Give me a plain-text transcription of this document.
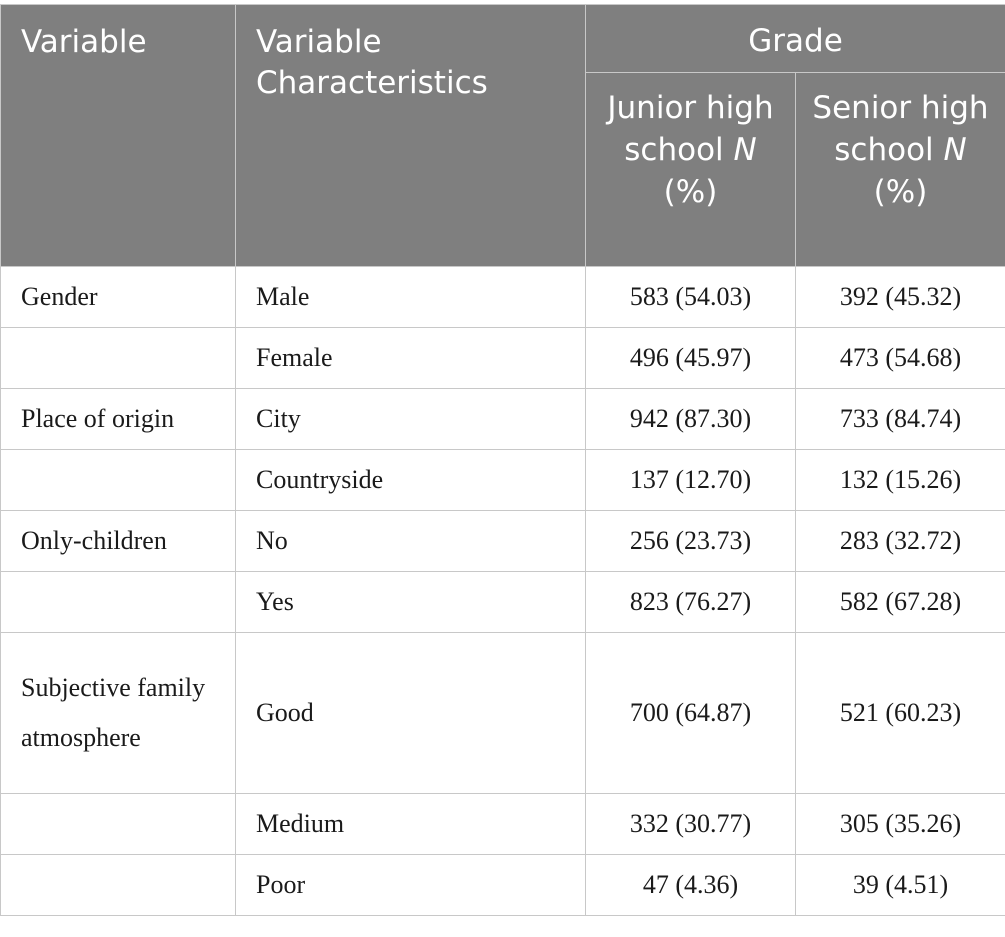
Variable	Variable Characteristics	Grade	
		Junior high school N (%)	Senior high school N (%)
Gender	Male	583 (54.03)	392 (45.32)
	Female	496 (45.97)	473 (54.68)
Place of origin	City	942 (87.30)	733 (84.74)
	Countryside	137 (12.70)	132 (15.26)
Only-children	No	256 (23.73)	283 (32.72)
	Yes	823 (76.27)	582 (67.28)
Subjective family atmosphere	Good	700 (64.87)	521 (60.23)
	Medium	332 (30.77)	305 (35.26)
	Poor	47 (4.36)	39 (4.51)
